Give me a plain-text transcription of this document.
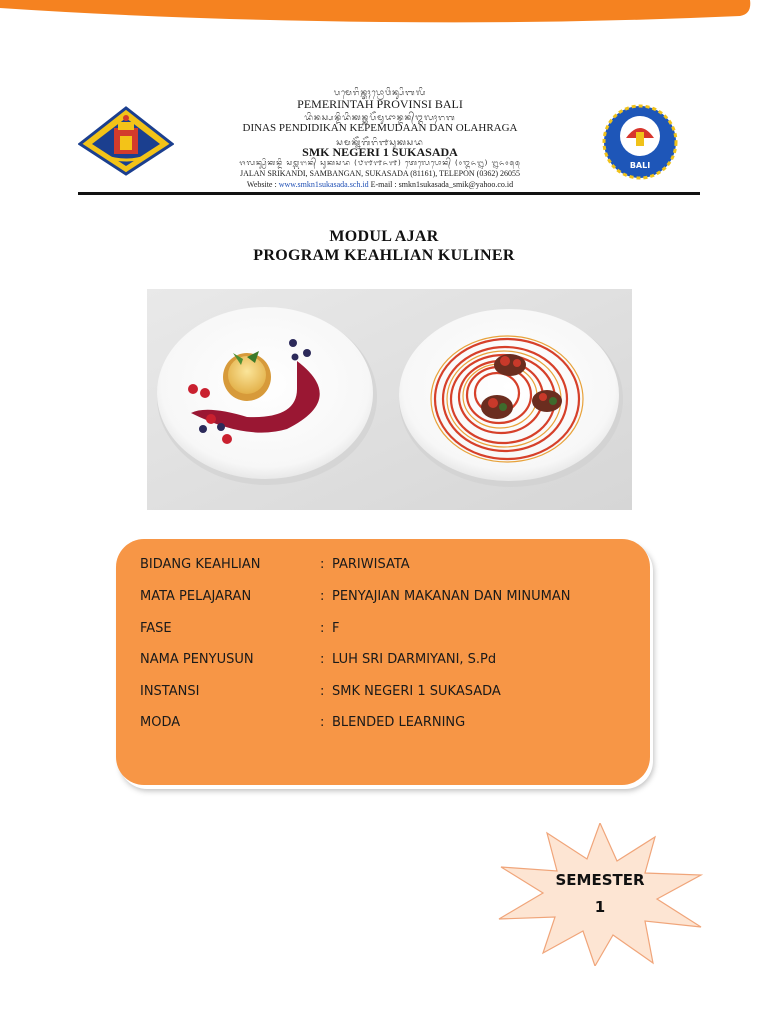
ᬧᬫᬾᬭᬶᬦ᭄ᬢᬄᬧ᭄ᬭᭀᬯᬶᬦ᭄ᬲᬶᬩᬮᬶ
PEMERINTAH PROVINSI BALI
ᬤᬶᬦᬲ᭄ᬧᬦ᭄ᬤᬶᬤᬶᬓᬦ᭄ᬓᬧᭂᬫᬸᬤᬵᬦ᭄ᬤᬦ᭄ᬑᬮᬄᬭᬕ
DINAS PENDIDIKAN KEPEMUDAAN DAN OLAHRAGA
ᬲᬫᬓ᭄ᬦᭂᬕᭂᬭᬶ᭑ᬲᬸᬓᬲᬤ
SMK NEGERI 1 SUKASADA
ᬚᬮᬦ᭄ᬲ᭄ᬭᬶᬓᬦ᭄ᬤᬶ ᬲᬫ᭄ᬩᬗᬦ᭄ ᬲᬸᬓᬲᬤ (᭘᭑᭑᭖᭑) ᬢᬾᬮᬾᬧᭀᬦ᭄ (᭐᭓᭖᭒) ᭒᭖᭐᭕᭕
JALAN SRIKANDI, SAMBANGAN, SUKASADA (81161), TELEPON (0362) 26055
Website : www.smkn1sukasada.sch.id E-mail : smkn1sukasada_smik@yahoo.co.id
BALI
MODUL AJAR
PROGRAM KEAHLIAN KULINER
BIDANG KEAHLIAN	: PARIWISATA
MATA PELAJARAN	: PENYAJIAN MAKANAN DAN MINUMAN
FASE	: F
NAMA PENYUSUN	: LUH SRI DARMIYANI, S.Pd
INSTANSI	: SMK NEGERI 1 SUKASADA
MODA	: BLENDED LEARNING
SEMESTER
1
